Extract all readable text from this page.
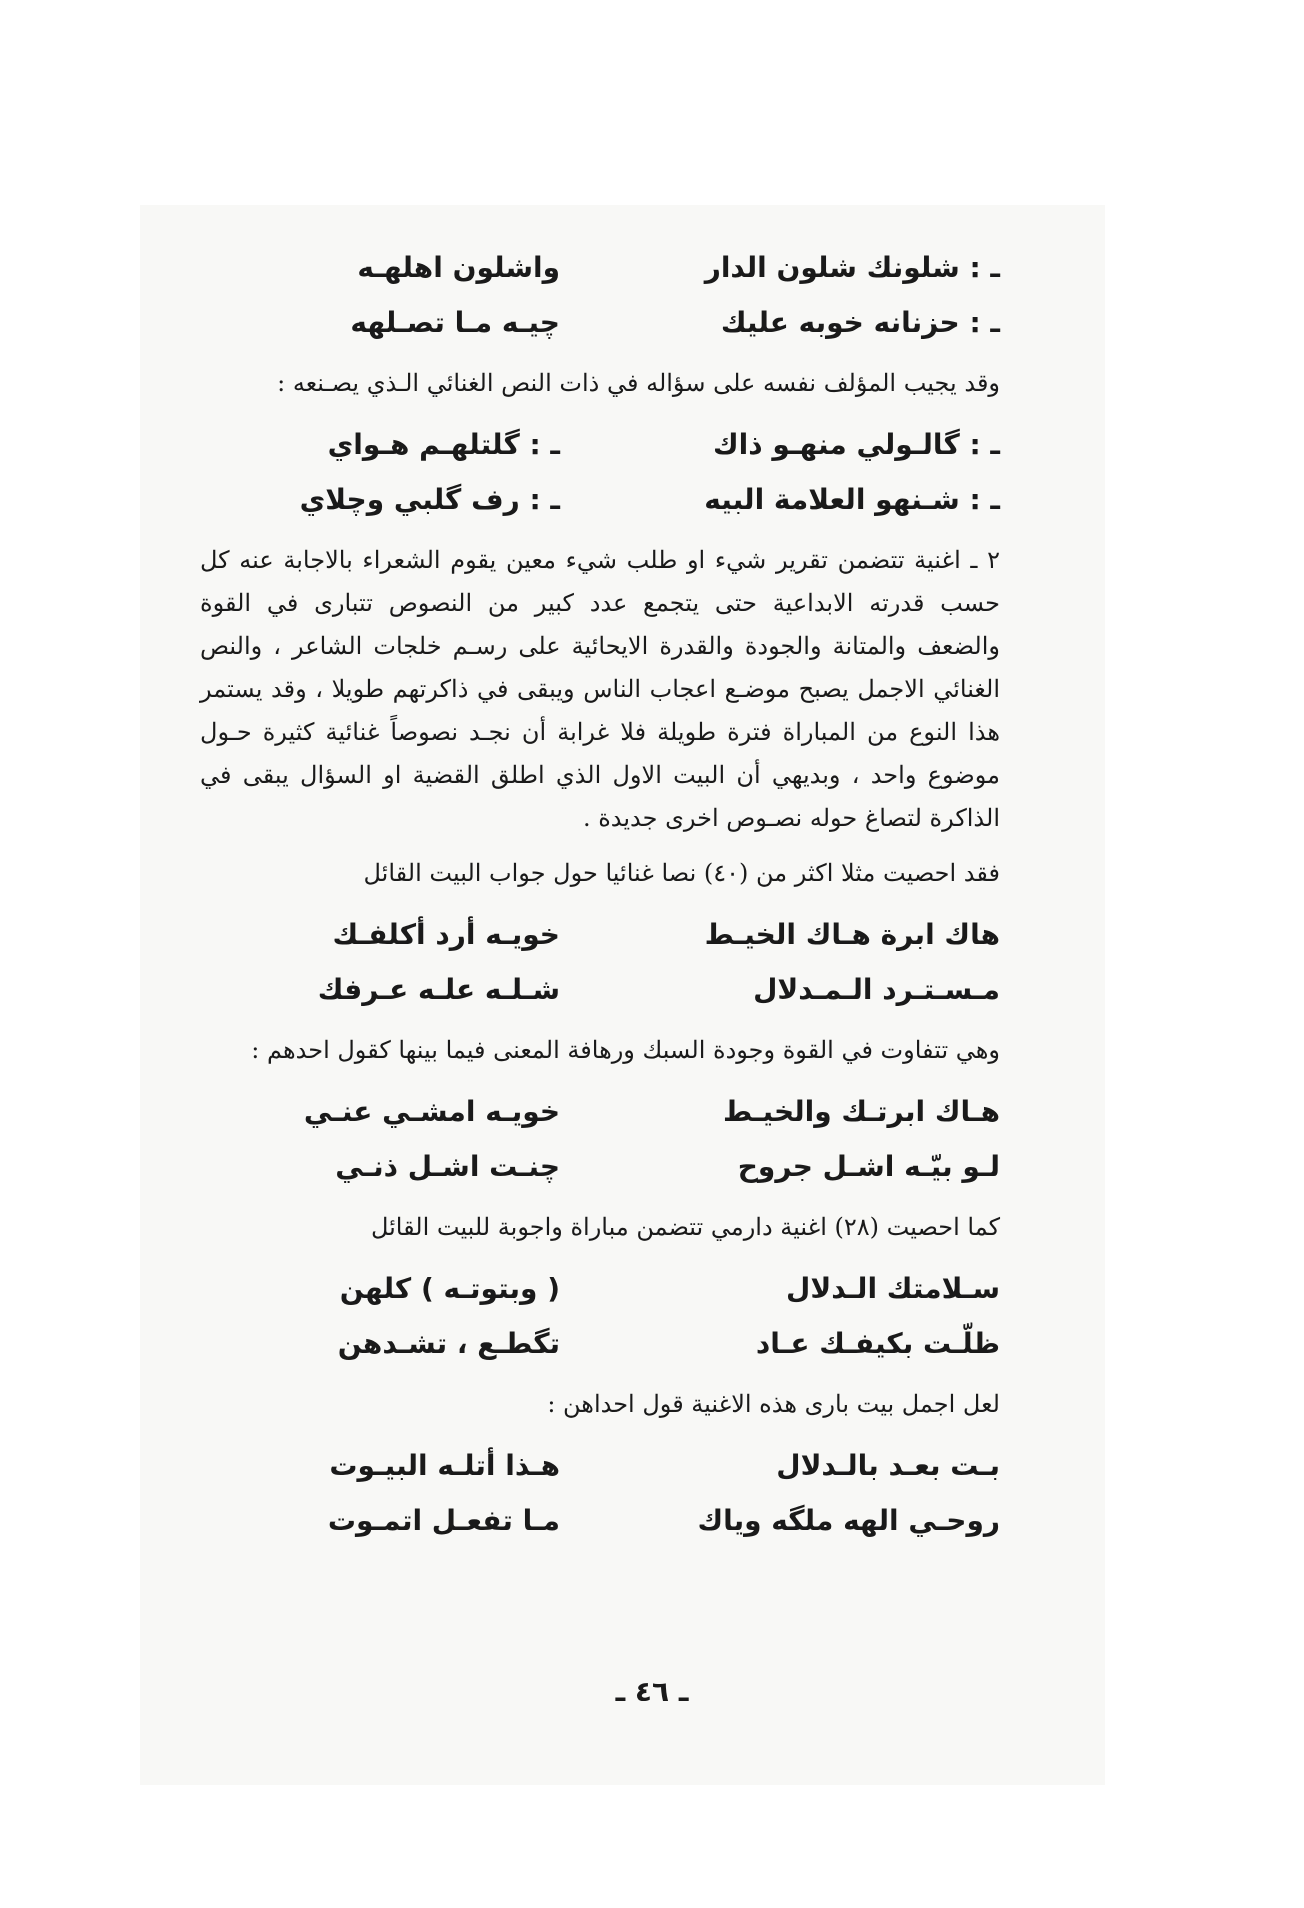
ـ : شلونك شلون الدار
واشلون اهلهـه
ـ : حزنانه خوبه عليك
چيـه مـا تصـلهه

وقد يجيب المؤلف نفسه على سؤاله في ذات النص الغنائي الـذي يصـنعه :

ـ : گالـولي منهـو ذاك
ـ : گلتلهـم هـواي
ـ : شـنهو العلامة البيه
ـ : رف گلبي وچلاي

٢ ـ اغنية تتضمن تقرير شيء او طلب شيء معين يقوم الشعراء بالاجابة عنه كل حسب قدرته الابداعية حتى يتجمع عدد كبير من النصوص تتبارى في القوة والضعف والمتانة والجودة والقدرة الايحائية على رسـم خلجات الشاعر ، والنص الغنائي الاجمل يصبح موضـع اعجاب الناس ويبقى في ذاكرتهم طويلا ، وقد يستمر هذا النوع من المباراة فترة طويلة فلا غرابة أن نجـد نصوصاً غنائية كثيرة حـول موضوع واحد ، وبديهي أن البيت الاول الذي اطلق القضية او السؤال يبقى في الذاكرة لتصاغ حوله نصـوص اخرى جديدة .

فقد احصيت مثلا اكثر من (٤٠) نصا غنائيا حول جواب البيت القائل

هاك ابرة هـاك الخيـط
خويـه أرد أكلفـك
مـسـتـرد الـمـدلال
شـلـه علـه عـرفك

وهي تتفاوت في القوة وجودة السبك ورهافة المعنى فيما بينها كقول احدهم :

هـاك ابرتـك والخيـط
خويـه امشـي عنـي
لـو بيّـه اشـل جروح
چنـت اشـل ذنـي

كما احصيت (٢٨) اغنية دارمي تتضمن مباراة واجوبة للبيت القائل

سـلامتك الـدلال
( وبتوتـه ) كلهن
ظلّـت بكيفـك عـاد
تگطـع ، تشـدهن

لعل اجمل بيت بارى هذه الاغنية قول احداهن :

بـت بعـد بالـدلال
هـذا أتلـه البيـوت
روحـي الهه ملگه وياك
مـا تفعـل اتمـوت
ـ ٤٦ ـ
